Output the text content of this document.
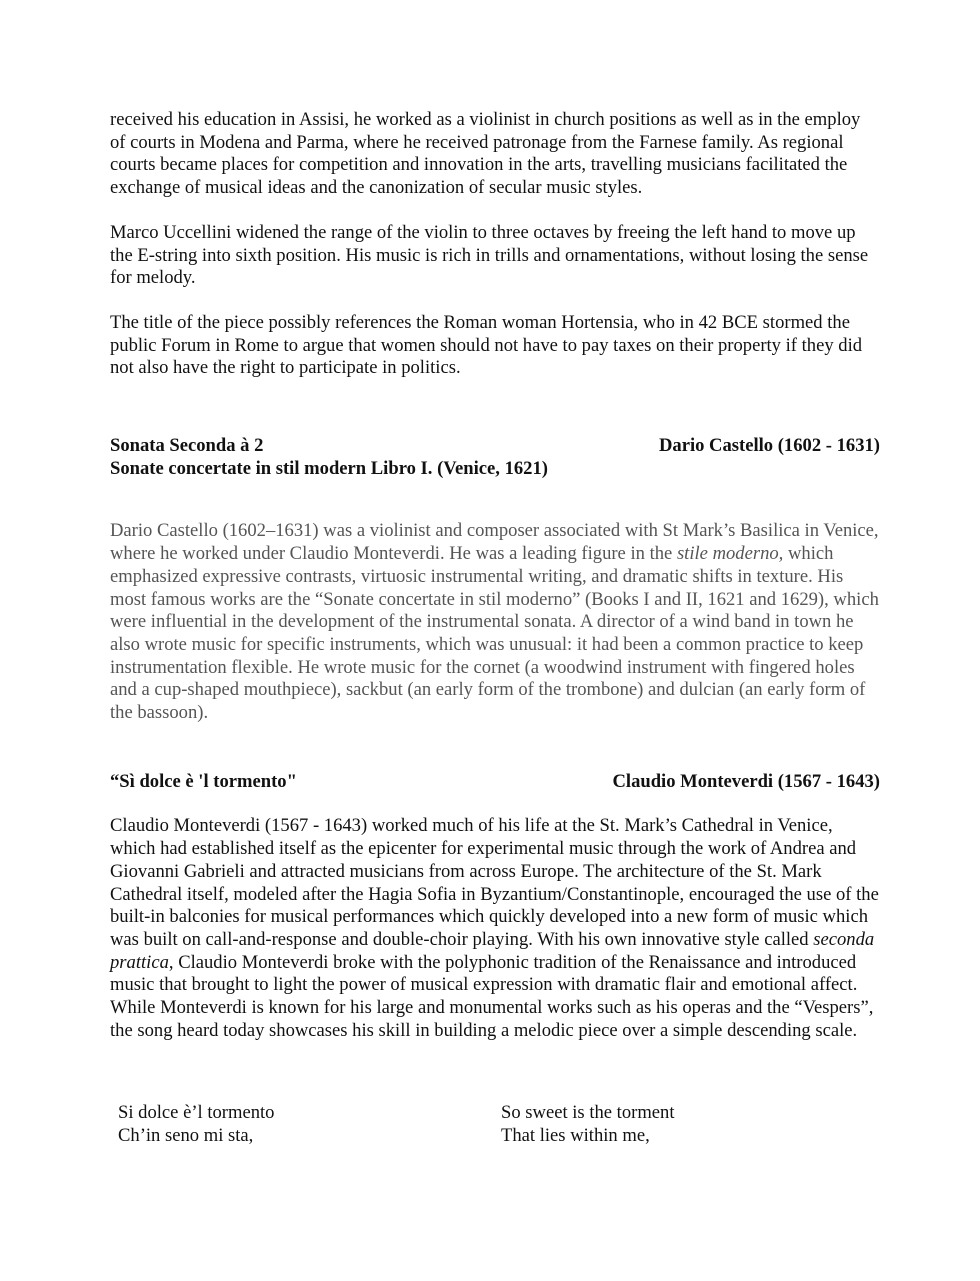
received his education in Assisi, he worked as a violinist in church positions as well as in the employ of courts in Modena and Parma, where he received patronage from the Farnese family. As regional courts became places for competition and innovation in the arts, travelling musicians facilitated the exchange of musical ideas and the canonization of secular music styles.

Marco Uccellini widened the range of the violin to three octaves by freeing the left hand to move up the E-string into sixth position. His music is rich in trills and ornamentations, without losing the sense for melody.

The title of the piece possibly references the Roman woman Hortensia, who in 42 BCE stormed the public Forum in Rome to argue that women should not have to pay taxes on their property if they did not also have the right to participate in politics.

Sonata Seconda à 2	Dario Castello (1602 - 1631)
Sonate concertate in stil modern Libro I. (Venice, 1621)

Dario Castello (1602–1631) was a violinist and composer associated with St Mark’s Basilica in Venice, where he worked under Claudio Monteverdi. He was a leading figure in the stile moderno, which emphasized expressive contrasts, virtuosic instrumental writing, and dramatic shifts in texture. His most famous works are the “Sonate concertate in stil moderno” (Books I and II, 1621 and 1629), which were influential in the development of the instrumental sonata. A director of a wind band in town he also wrote music for specific instruments, which was unusual: it had been a common practice to keep instrumentation flexible. He wrote music for the cornet (a woodwind instrument with fingered holes and a cup-shaped mouthpiece), sackbut (an early form of the trombone) and dulcian (an early form of the bassoon).

“Sì dolce è 'l tormento"	Claudio Monteverdi (1567 - 1643)

Claudio Monteverdi (1567 - 1643) worked much of his life at the St. Mark’s Cathedral in Venice, which had established itself as the epicenter for experimental music through the work of Andrea and Giovanni Gabrieli and attracted musicians from across Europe. The architecture of the St. Mark Cathedral itself, modeled after the Hagia Sofia in Byzantium/Constantinople, encouraged the use of the built-in balconies for musical performances which quickly developed into a new form of music which was built on call-and-response and double-choir playing. With his own innovative style called seconda prattica, Claudio Monteverdi broke with the polyphonic tradition of the Renaissance and introduced music that brought to light the power of musical expression with dramatic flair and emotional affect. While Monteverdi is known for his large and monumental works such as his operas and the “Vespers”, the song heard today showcases his skill in building a melodic piece over a simple descending scale.

Si dolce è’l tormento
Ch’in seno mi sta,
So sweet is the torment
That lies within me,
